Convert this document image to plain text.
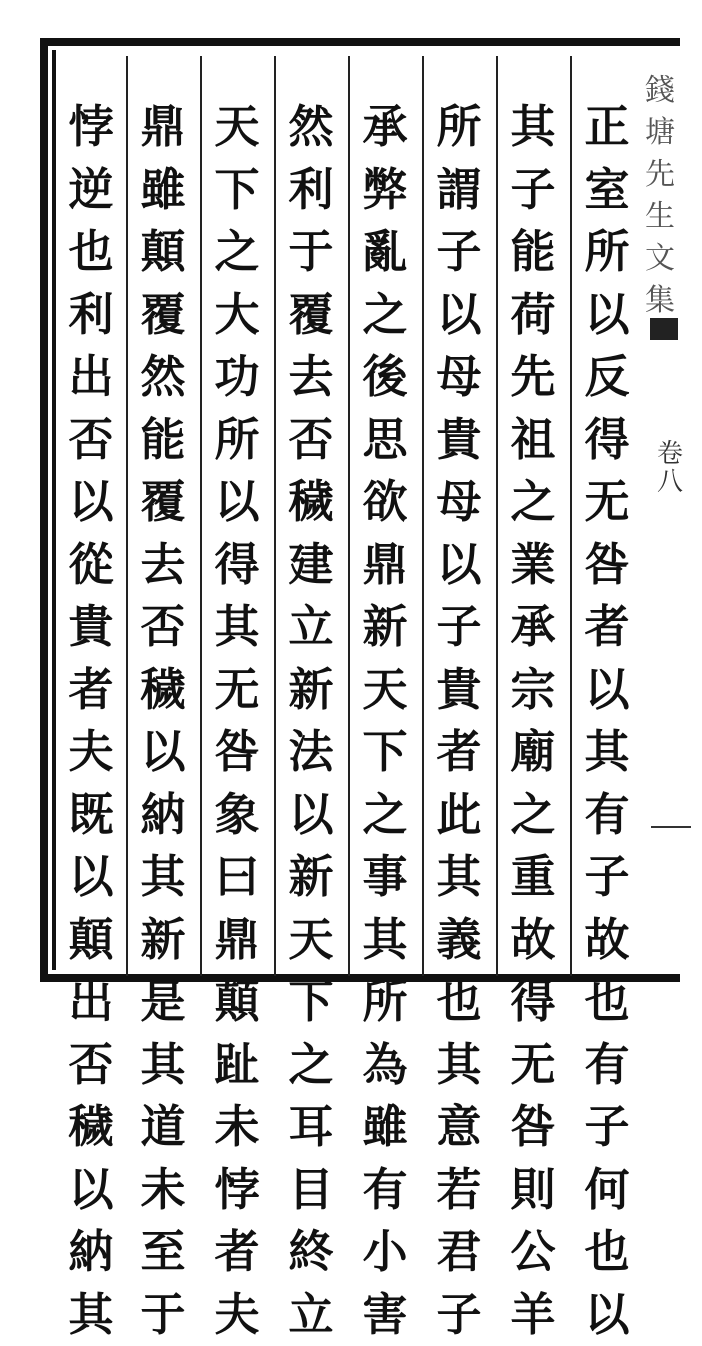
正
室
所
以
反
得
无
咎
者
以
其
有
子
故
也
有
子
何
也
以
其
子
能
荷
先
祖
之
業
承
宗
廟
之
重
故
得
无
咎
則
公
羊
所
謂
子
以
母
貴
母
以
子
貴
者
此
其
義
也
其
意
若
君
子
承
弊
亂
之
後
思
欲
鼎
新
天
下
之
事
其
所
為
雖
有
小
害
然
利
于
覆
去
否
穢
建
立
新
法
以
新
天
下
之
耳
目
終
立
天
下
之
大
功
所
以
得
其
无
咎
象
曰
鼎
顛
趾
未
悖
者
夫
鼎
雖
顛
覆
然
能
覆
去
否
穢
以
納
其
新
是
其
道
未
至
于
悖
逆
也
利
出
否
以
從
貴
者
夫
既
以
顛
出
否
穢
以
納
其
錢
塘
先
生
文
集
卷
八
